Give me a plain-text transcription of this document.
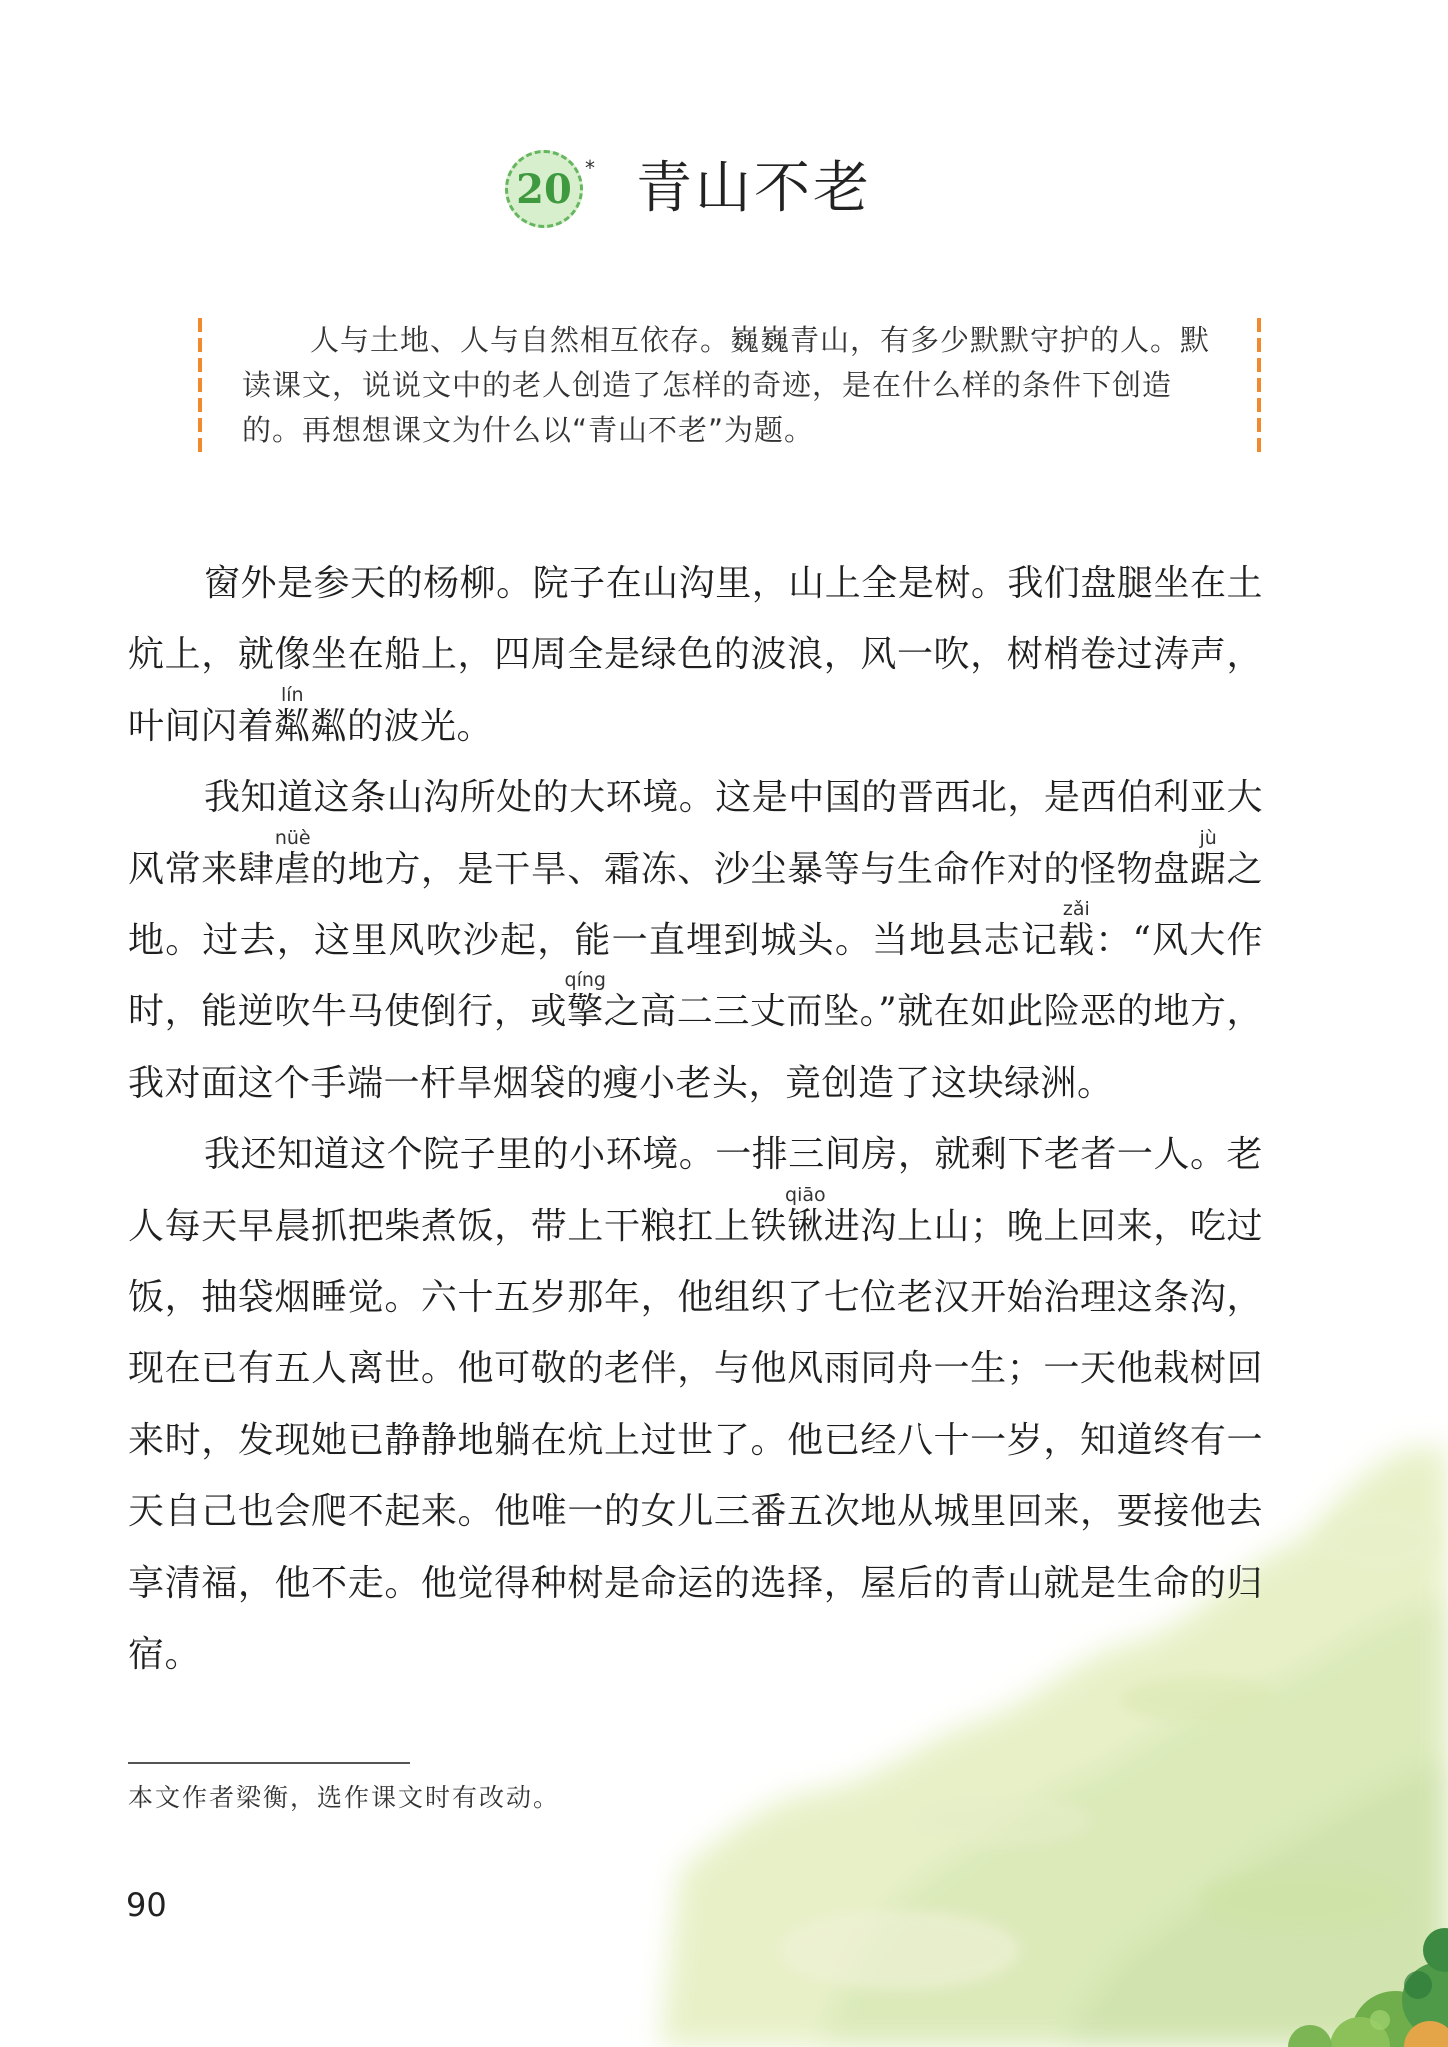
20 * 青山不老

人与土地、人与自然相互依存。巍巍青山，有多少默默守护的人。默读课文，说说文中的老人创造了怎样的奇迹，是在什么样的条件下创造的。再想想课文为什么以“青山不老”为题。

窗外是参天的杨柳。院子在山沟里，山上全是树。我们盘腿坐在土炕上，就像坐在船上，四周全是绿色的波浪，风一吹，树梢卷过涛声，叶间闪着粼lín粼的波光。

我知道这条山沟所处的大环境。这是中国的晋西北，是西伯利亚大风常来肆虐nüè的地方，是干旱、霜冻、沙尘暴等与生命作对的怪物盘踞jù之地。过去，这里风吹沙起，能一直埋到城头。当地县志记载zǎi：“风大作时，能逆吹牛马使倒行，或擎qíng之高二三丈而坠。”就在如此险恶的地方，我对面这个手端一杆旱烟袋的瘦小老头，竟创造了这块绿洲。

我还知道这个院子里的小环境。一排三间房，就剩下老者一人。老人每天早晨抓把柴煮饭，带上干粮扛上铁锹qiāo进沟上山；晚上回来，吃过饭，抽袋烟睡觉。六十五岁那年，他组织了七位老汉开始治理这条沟，现在已有五人离世。他可敬的老伴，与他风雨同舟一生；一天他栽树回来时，发现她已静静地躺在炕上过世了。他已经八十一岁，知道终有一天自己也会爬不起来。他唯一的女儿三番五次地从城里回来，要接他去享清福，他不走。他觉得种树是命运的选择，屋后的青山就是生命的归宿。

本文作者梁衡，选作课文时有改动。
90
